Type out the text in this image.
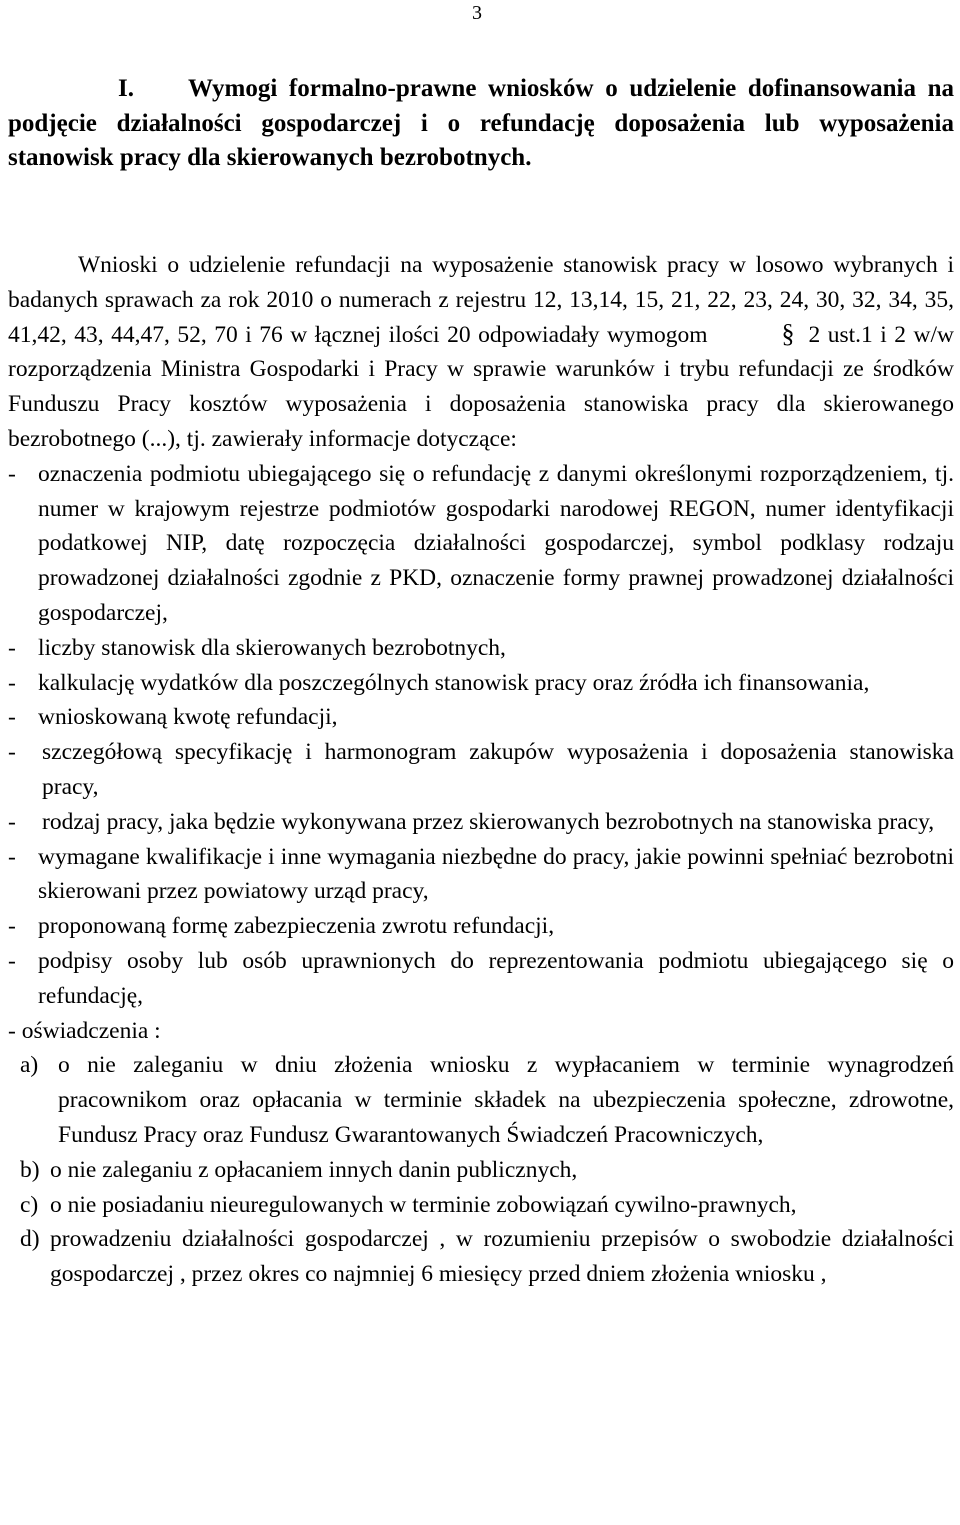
3

I. Wymogi formalno-prawne wniosków o udzielenie dofinansowania na podjęcie działalności gospodarczej i o refundację doposażenia lub wyposażenia stanowisk pracy dla skierowanych bezrobotnych.

Wnioski o udzielenie refundacji na wyposażenie stanowisk pracy w losowo wybranych i badanych sprawach za rok 2010 o numerach z rejestru 12, 13,14, 15, 21, 22, 23, 24, 30, 32, 34, 35, 41,42, 43, 44,47, 52, 70 i 76 w łącznej ilości 20 odpowiadały wymogom	§ 2 ust.1 i 2 w/w rozporządzenia Ministra Gospodarki i Pracy w sprawie warunków i trybu refundacji ze środków Funduszu Pracy kosztów wyposażenia i doposażenia stanowiska pracy dla skierowanego bezrobotnego (...), tj. zawierały informacje dotyczące:

- oznaczenia podmiotu ubiegającego się o refundację z danymi określonymi rozporządzeniem, tj. numer w krajowym rejestrze podmiotów gospodarki narodowej REGON, numer identyfikacji podatkowej NIP, datę rozpoczęcia działalności gospodarczej, symbol podklasy rodzaju prowadzonej działalności zgodnie z PKD, oznaczenie formy prawnej prowadzonej działalności gospodarczej,
- liczby stanowisk dla skierowanych bezrobotnych,
- kalkulację wydatków dla poszczególnych stanowisk pracy oraz źródła ich finansowania,
- wnioskowaną kwotę refundacji,
- szczegółową specyfikację i harmonogram zakupów wyposażenia i doposażenia stanowiska pracy,
- rodzaj pracy, jaka będzie wykonywana przez skierowanych bezrobotnych na stanowiska pracy,
- wymagane kwalifikacje i inne wymagania niezbędne do pracy, jakie powinni spełniać bezrobotni skierowani przez powiatowy urząd pracy,
- proponowaną formę zabezpieczenia zwrotu refundacji,
- podpisy osoby lub osób uprawnionych do reprezentowania podmiotu ubiegającego się o refundację,

- oświadczenia :

a) o nie zaleganiu w dniu złożenia wniosku z wypłacaniem w terminie wynagrodzeń pracownikom oraz opłacania w terminie składek na ubezpieczenia społeczne, zdrowotne, Fundusz Pracy oraz Fundusz Gwarantowanych Świadczeń Pracowniczych,
b) o nie zaleganiu z opłacaniem innych danin publicznych,
c) o nie posiadaniu nieuregulowanych w terminie zobowiązań cywilno-prawnych,
d) prowadzeniu działalności gospodarczej , w rozumieniu przepisów o swobodzie działalności gospodarczej , przez okres co najmniej 6 miesięcy przed dniem złożenia wniosku ,
